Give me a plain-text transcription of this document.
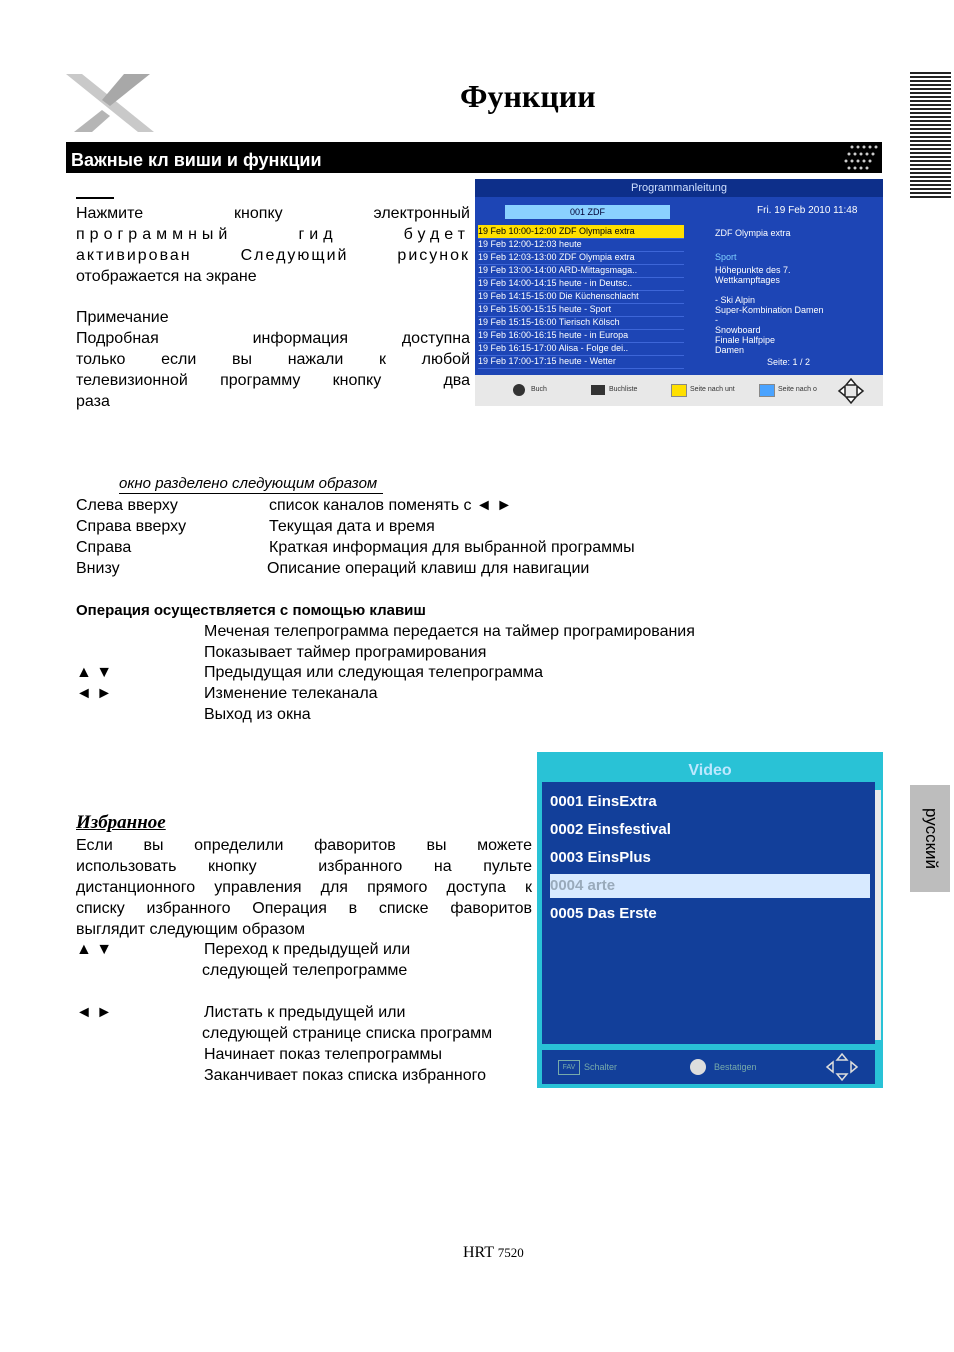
Функции
Важные кл виши и функции
Нажмите	кнопку	электронный
программный	гид	будет
активирован	Следующий	рисунок
отображается на экране
Примечание
Подробная	информация	доступна
только если вы нажали к любой
телевизионной программу кнопку	два
раза
Programmanleitung
001 ZDF	Fri. 19 Feb 2010 11:48
19 Feb 10:00-12:00 ZDF Olympia extra
19 Feb 12:00-12:03 heute
19 Feb 12:03-13:00 ZDF Olympia extra
19 Feb 13:00-14:00 ARD-Mittagsmaga..
19 Feb 14:00-14:15 heute - in Deutsc..
19 Feb 14:15-15:00 Die Küchenschlacht
19 Feb 15:00-15:15 heute - Sport
19 Feb 15:15-16:00 Tierisch Kölsch
19 Feb 16:00-16:15 heute - in Europa
19 Feb 16:15-17:00 Alisa - Folge dei..
19 Feb 17:00-17:15 heute - Wetter
ZDF Olympia extra
Sport
Höhepunkte des 7.
Wettkampftages
- Ski Alpin
Super-Kombination Damen
-
Snowboard
Finale Halfpipe
Damen
Seite: 1 / 2
Buch	Buchliste	Seite nach unt	Seite nach o
окно разделено следующим образом
Слева вверху	список каналов поменять с ◄ ►
Справа вверху	Текущая дата и время
Справа	Краткая информация для выбранной программы
Внизу	Описание операций клавиш для навигации
Операция осуществляется с помощью клавиш
Меченая телепрограмма передается на таймер програмирования
Показывает таймер програмирования
▲ ▼	Предыдущая или следующая телепрограмма
◄ ►	Изменение телеканала
Выход из окна
Избранное
Если вы определили фаворитов вы можете
использовать кнопку	избранного на пульте
дистанционного управления для прямого доступа к
списку избранного Операция в списке фаворитов
выглядит следующим образом
▲ ▼	Переход к предыдущей или
следующей телепрограмме
◄ ►	Листать к предыдущей или
следующей странице списка программ
Начинает показ телепрограммы
Заканчивает показ списка избранного
Video
0001 EinsExtra
0002 Einsfestival
0003 EinsPlus
0004 arte
0005 Das Erste
FAV Schalter	Bestatigen
русский
HRT 7520
